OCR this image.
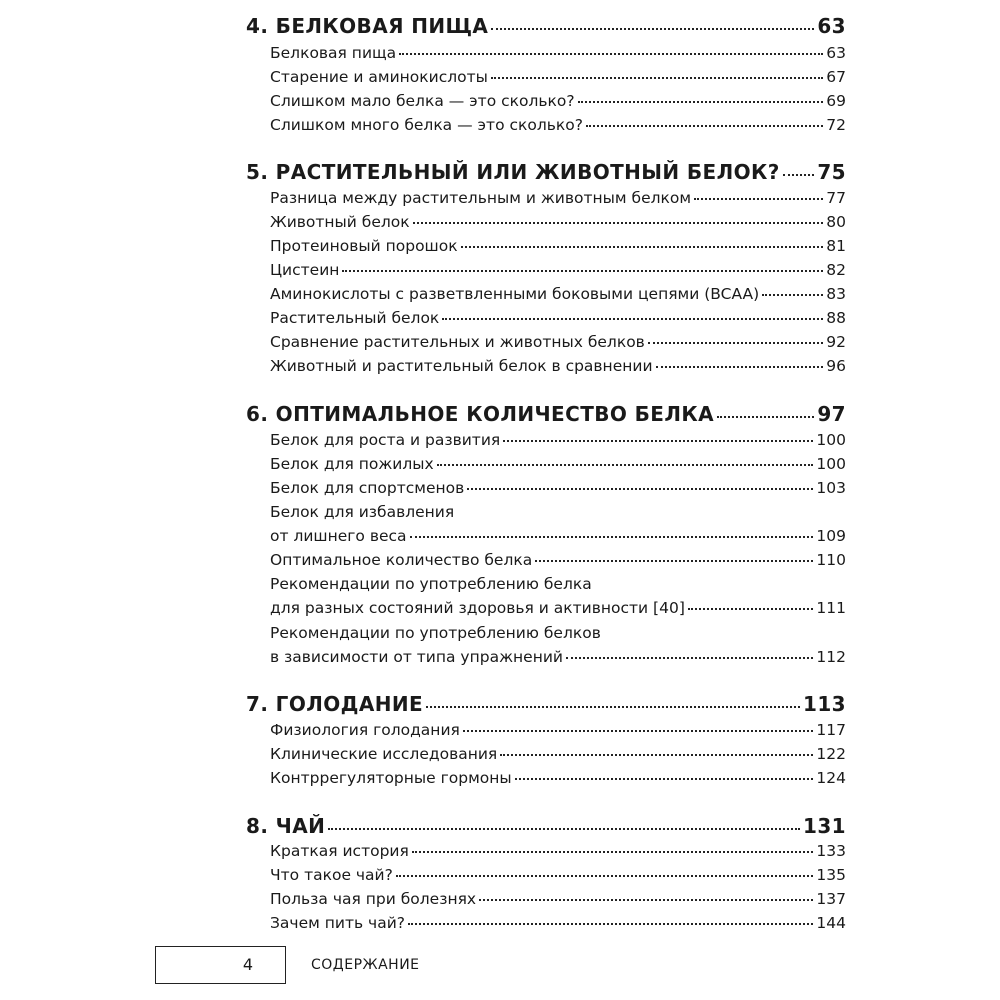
4. БЕЛКОВАЯ ПИЩА	63
Белковая пища	63
Старение и аминокислоты	67
Слишком мало белка — это сколько?	69
Слишком много белка — это сколько?	72
5. РАСТИТЕЛЬНЫЙ ИЛИ ЖИВОТНЫЙ БЕЛОК? 75
Разница между растительным и животным белком	77
Животный белок	80
Протеиновый порошок	81
Цистеин	82
Аминокислоты с разветвленными боковыми цепями (BCAA)	83
Растительный белок	88
Сравнение растительных и животных белков	92
Животный и растительный белок в сравнении	96
6. ОПТИМАЛЬНОЕ КОЛИЧЕСТВО БЕЛКА	97
Белок для роста и развития	100
Белок для пожилых	100
Белок для спортсменов	103
Белок для избавления
от лишнего веса	109
Оптимальное количество белка	110
Рекомендации по употреблению белка
для разных состояний здоровья и активности [40]	111
Рекомендации по употреблению белков
в зависимости от типа упражнений	112
7. ГОЛОДАНИЕ	113
Физиология голодания	117
Клинические исследования	122
Контррегуляторные гормоны	124
8. ЧАЙ	131
Краткая история	133
Что такое чай?	135
Польза чая при болезнях	137
Зачем пить чай?	144
4	СОДЕРЖАНИЕ
